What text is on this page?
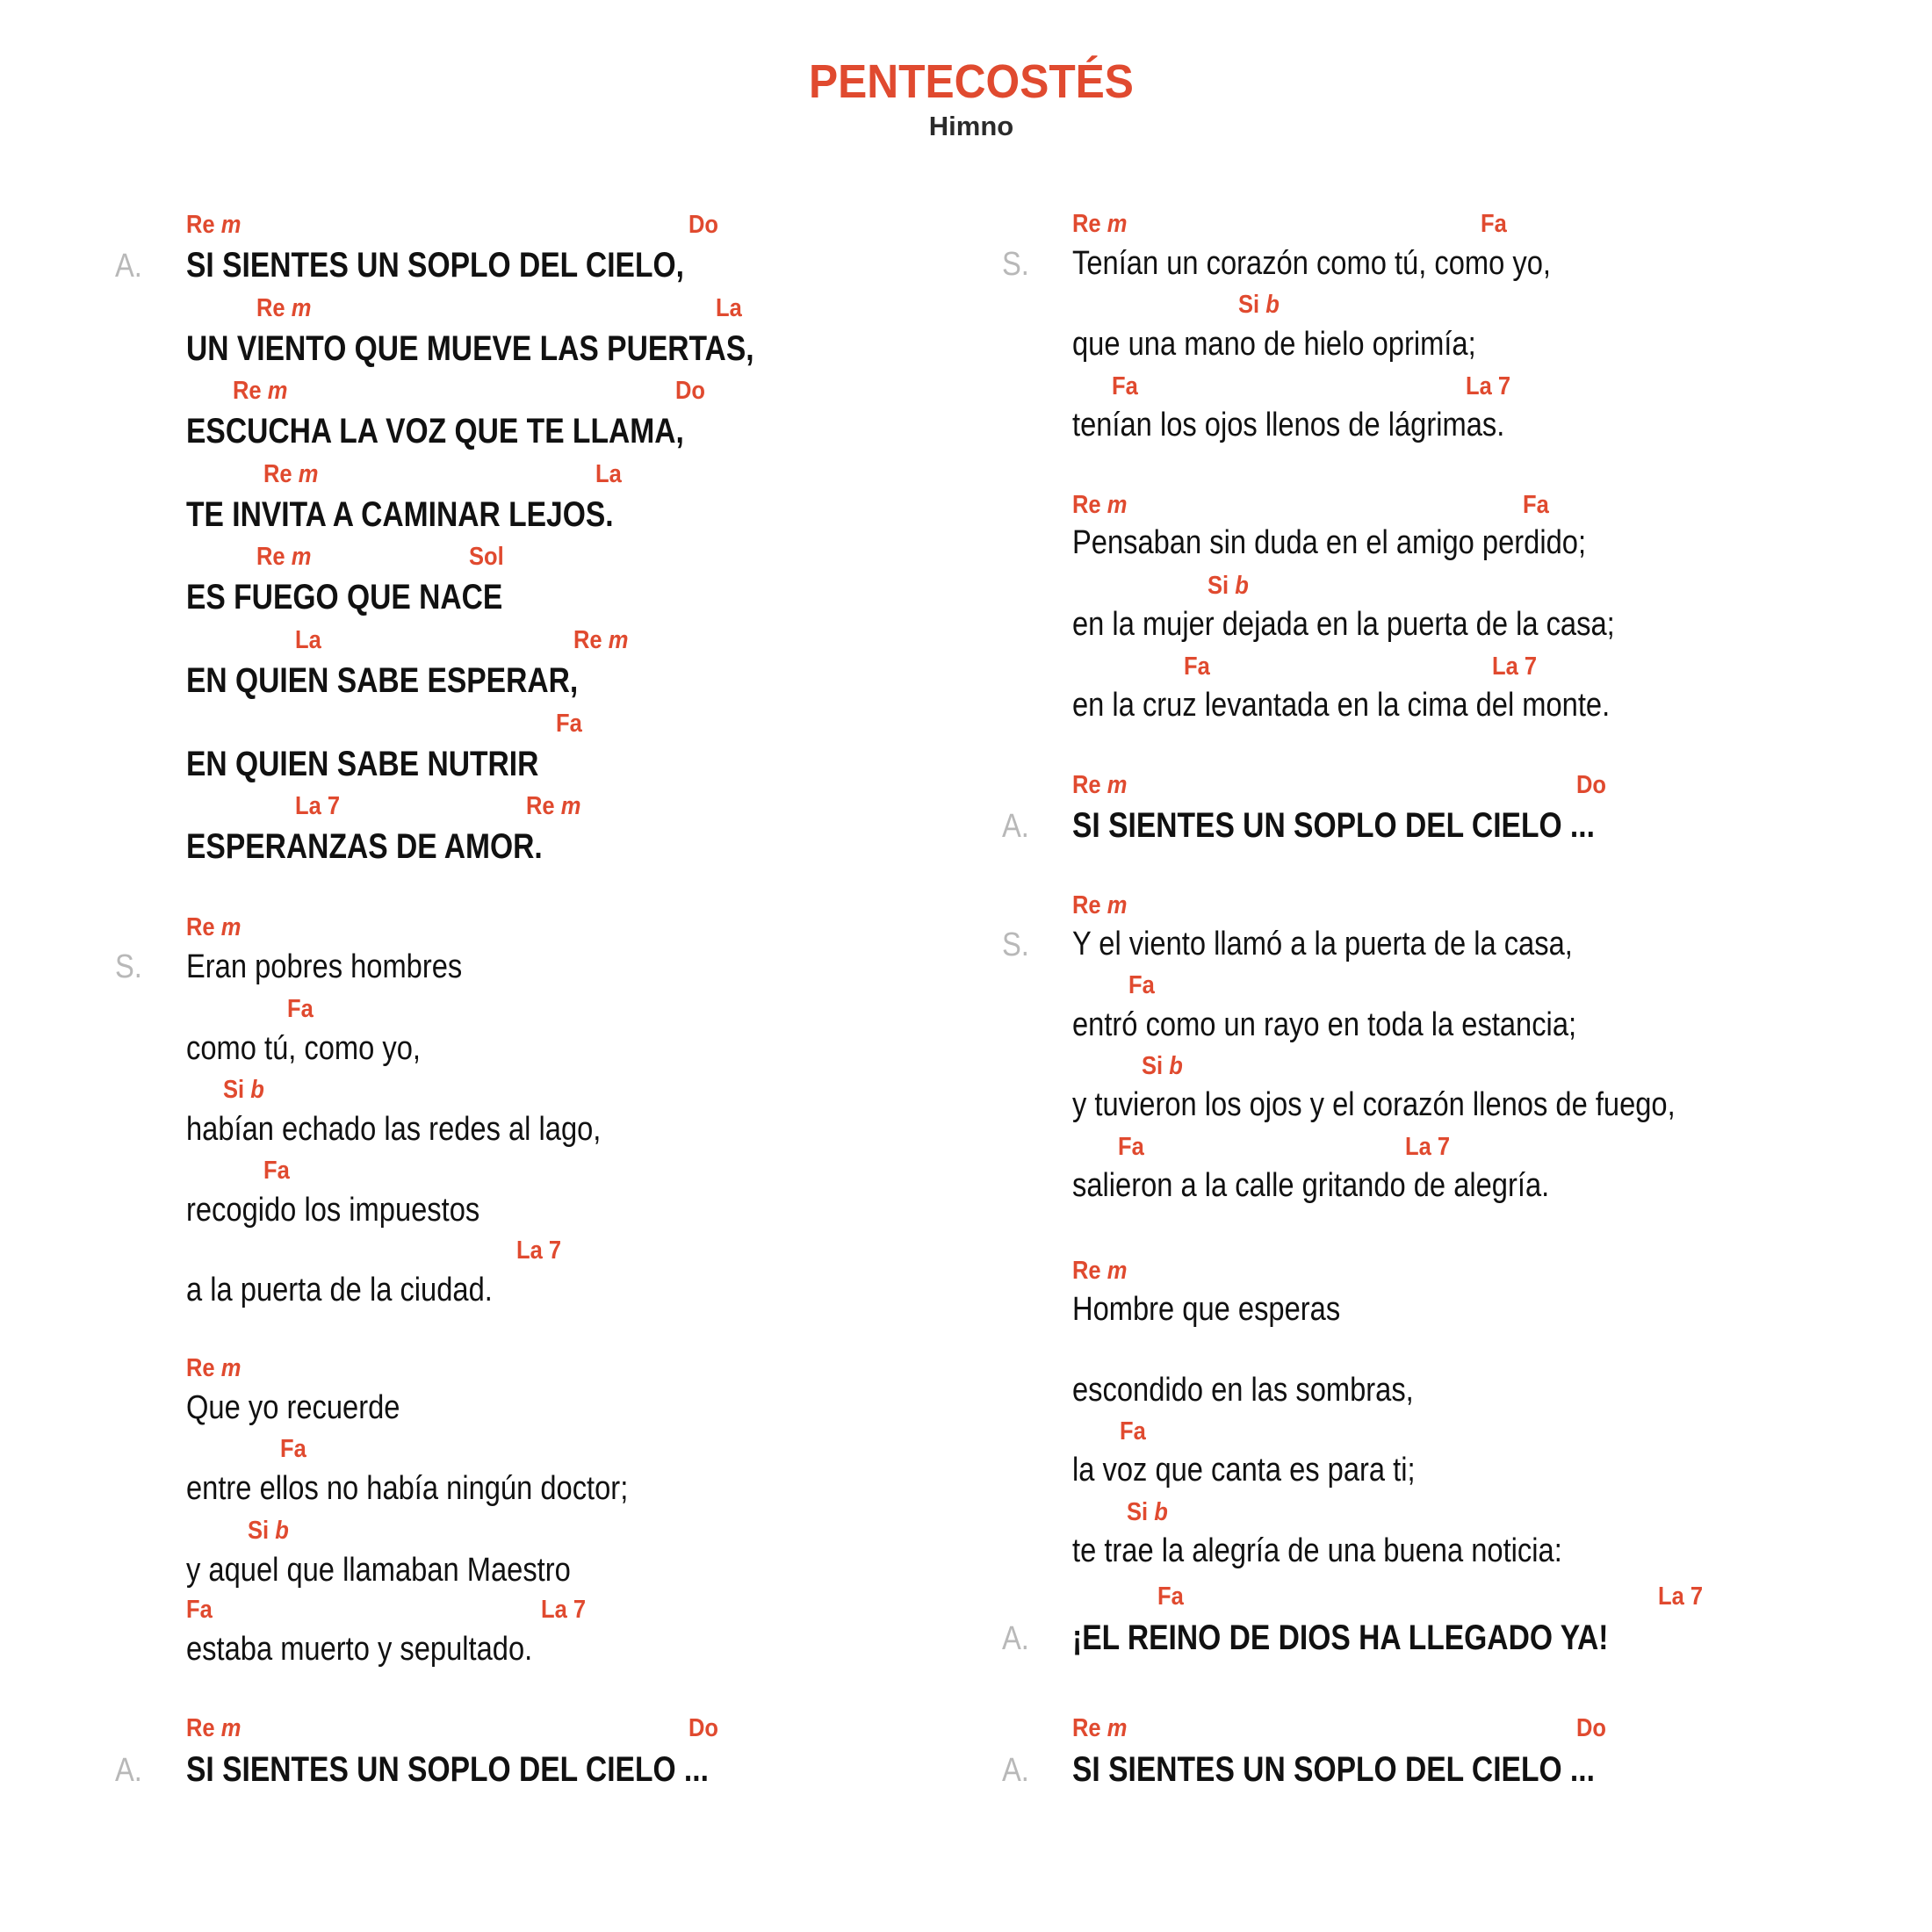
PENTECOSTÉS
Himno
A.
Re m	Do
SI SIENTES UN SOPLO DEL CIELO,
Re m	La
UN VIENTO QUE MUEVE LAS PUERTAS,
Re m	Do
ESCUCHA LA VOZ QUE TE LLAMA,
Re m	La
TE INVITA A CAMINAR LEJOS.
Re m	Sol
ES FUEGO QUE NACE
La	Re m
EN QUIEN SABE ESPERAR,
Fa
EN QUIEN SABE NUTRIR
La 7	Re m
ESPERANZAS DE AMOR.
S.
Re m
Eran pobres hombres
Fa
como tú, como yo,
Si b
habían echado las redes al lago,
Fa
recogido los impuestos
La 7
a la puerta de la ciudad.
Re m
Que yo recuerde
Fa
entre ellos no había ningún doctor;
Si b
y aquel que llamaban Maestro
Fa	La 7
estaba muerto y sepultado.
A.
Re m	Do
SI SIENTES UN SOPLO DEL CIELO ...
S.
Re m	Fa
Tenían un corazón como tú, como yo,
Si b
que una mano de hielo oprimía;
Fa	La 7
tenían los ojos llenos de lágrimas.
Re m	Fa
Pensaban sin duda en el amigo perdido;
Si b
en la mujer dejada en la puerta de la casa;
Fa	La 7
en la cruz levantada en la cima del monte.
A.
Re m	Do
SI SIENTES UN SOPLO DEL CIELO ...
S.
Re m
Y el viento llamó a la puerta de la casa,
Fa
entró como un rayo en toda la estancia;
Si b
y tuvieron los ojos y el corazón llenos de fuego,
Fa	La 7
salieron a la calle gritando de alegría.
Re m
Hombre que esperas
escondido en las sombras,
Fa
la voz que canta es para ti;
Si b
te trae la alegría de una buena noticia:
A.
Fa	La 7
¡EL REINO DE DIOS HA LLEGADO YA!
A.
Re m	Do
SI SIENTES UN SOPLO DEL CIELO ...
